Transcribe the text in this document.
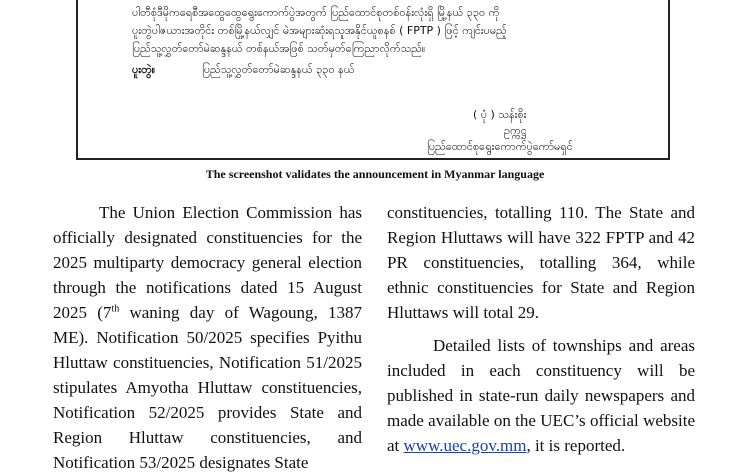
ပါတီစုံဒီမိုကရေစီအထွေထွေရွေးကောက်ပွဲအတွက် ပြည်ထောင်စုတစ်ဝန်းလုံးရှိ မြို့နယ် ၃၃၀ ကို
ပူးတွဲပါဇယားအတိုင်း တစ်မြို့နယ်လျှင် မဲအများဆုံးရသူအနိုင်ယူစနစ် ( FPTP ) ဖြင့် ကျင်းပမည့်
ပြည်သူ့လွှတ်တော်မဲဆန္ဒနယ် တစ်နယ်အဖြစ် သတ်မှတ်ကြေညာလိုက်သည်။
ပူးတွဲ။	ပြည်သူ့လွှတ်တော်မဲဆန္ဒနယ် ၃၃၀ နယ်
( ပုံ ) သန်းစိုး
ဥက္ကဋ္ဌ
ပြည်ထောင်စုရွေးကောက်ပွဲကော်မရှင်
The screenshot validates the announcement in Myanmar language

The Union Election Commission has officially designated constituencies for the 2025 multiparty democracy general election through the notifications dated 15 August 2025 (7th waning day of Wagoung, 1387 ME). Notification 50/2025 specifies Pyithu Hluttaw constituencies, Notification 51/2025 stipulates Amyotha Hluttaw constituencies, Notification 52/2025 provides State and Region Hluttaw constituencies, and Notification 53/2025 designates State

constituencies, totalling 110. The State and Region Hluttaws will have 322 FPTP and 42 PR constituencies, totalling 364, while ethnic constituencies for State and Region Hluttaws will total 29.

Detailed lists of townships and areas included in each constituency will be published in state-run daily newspapers and made available on the UEC’s official website at www.uec.gov.mm, it is reported.
